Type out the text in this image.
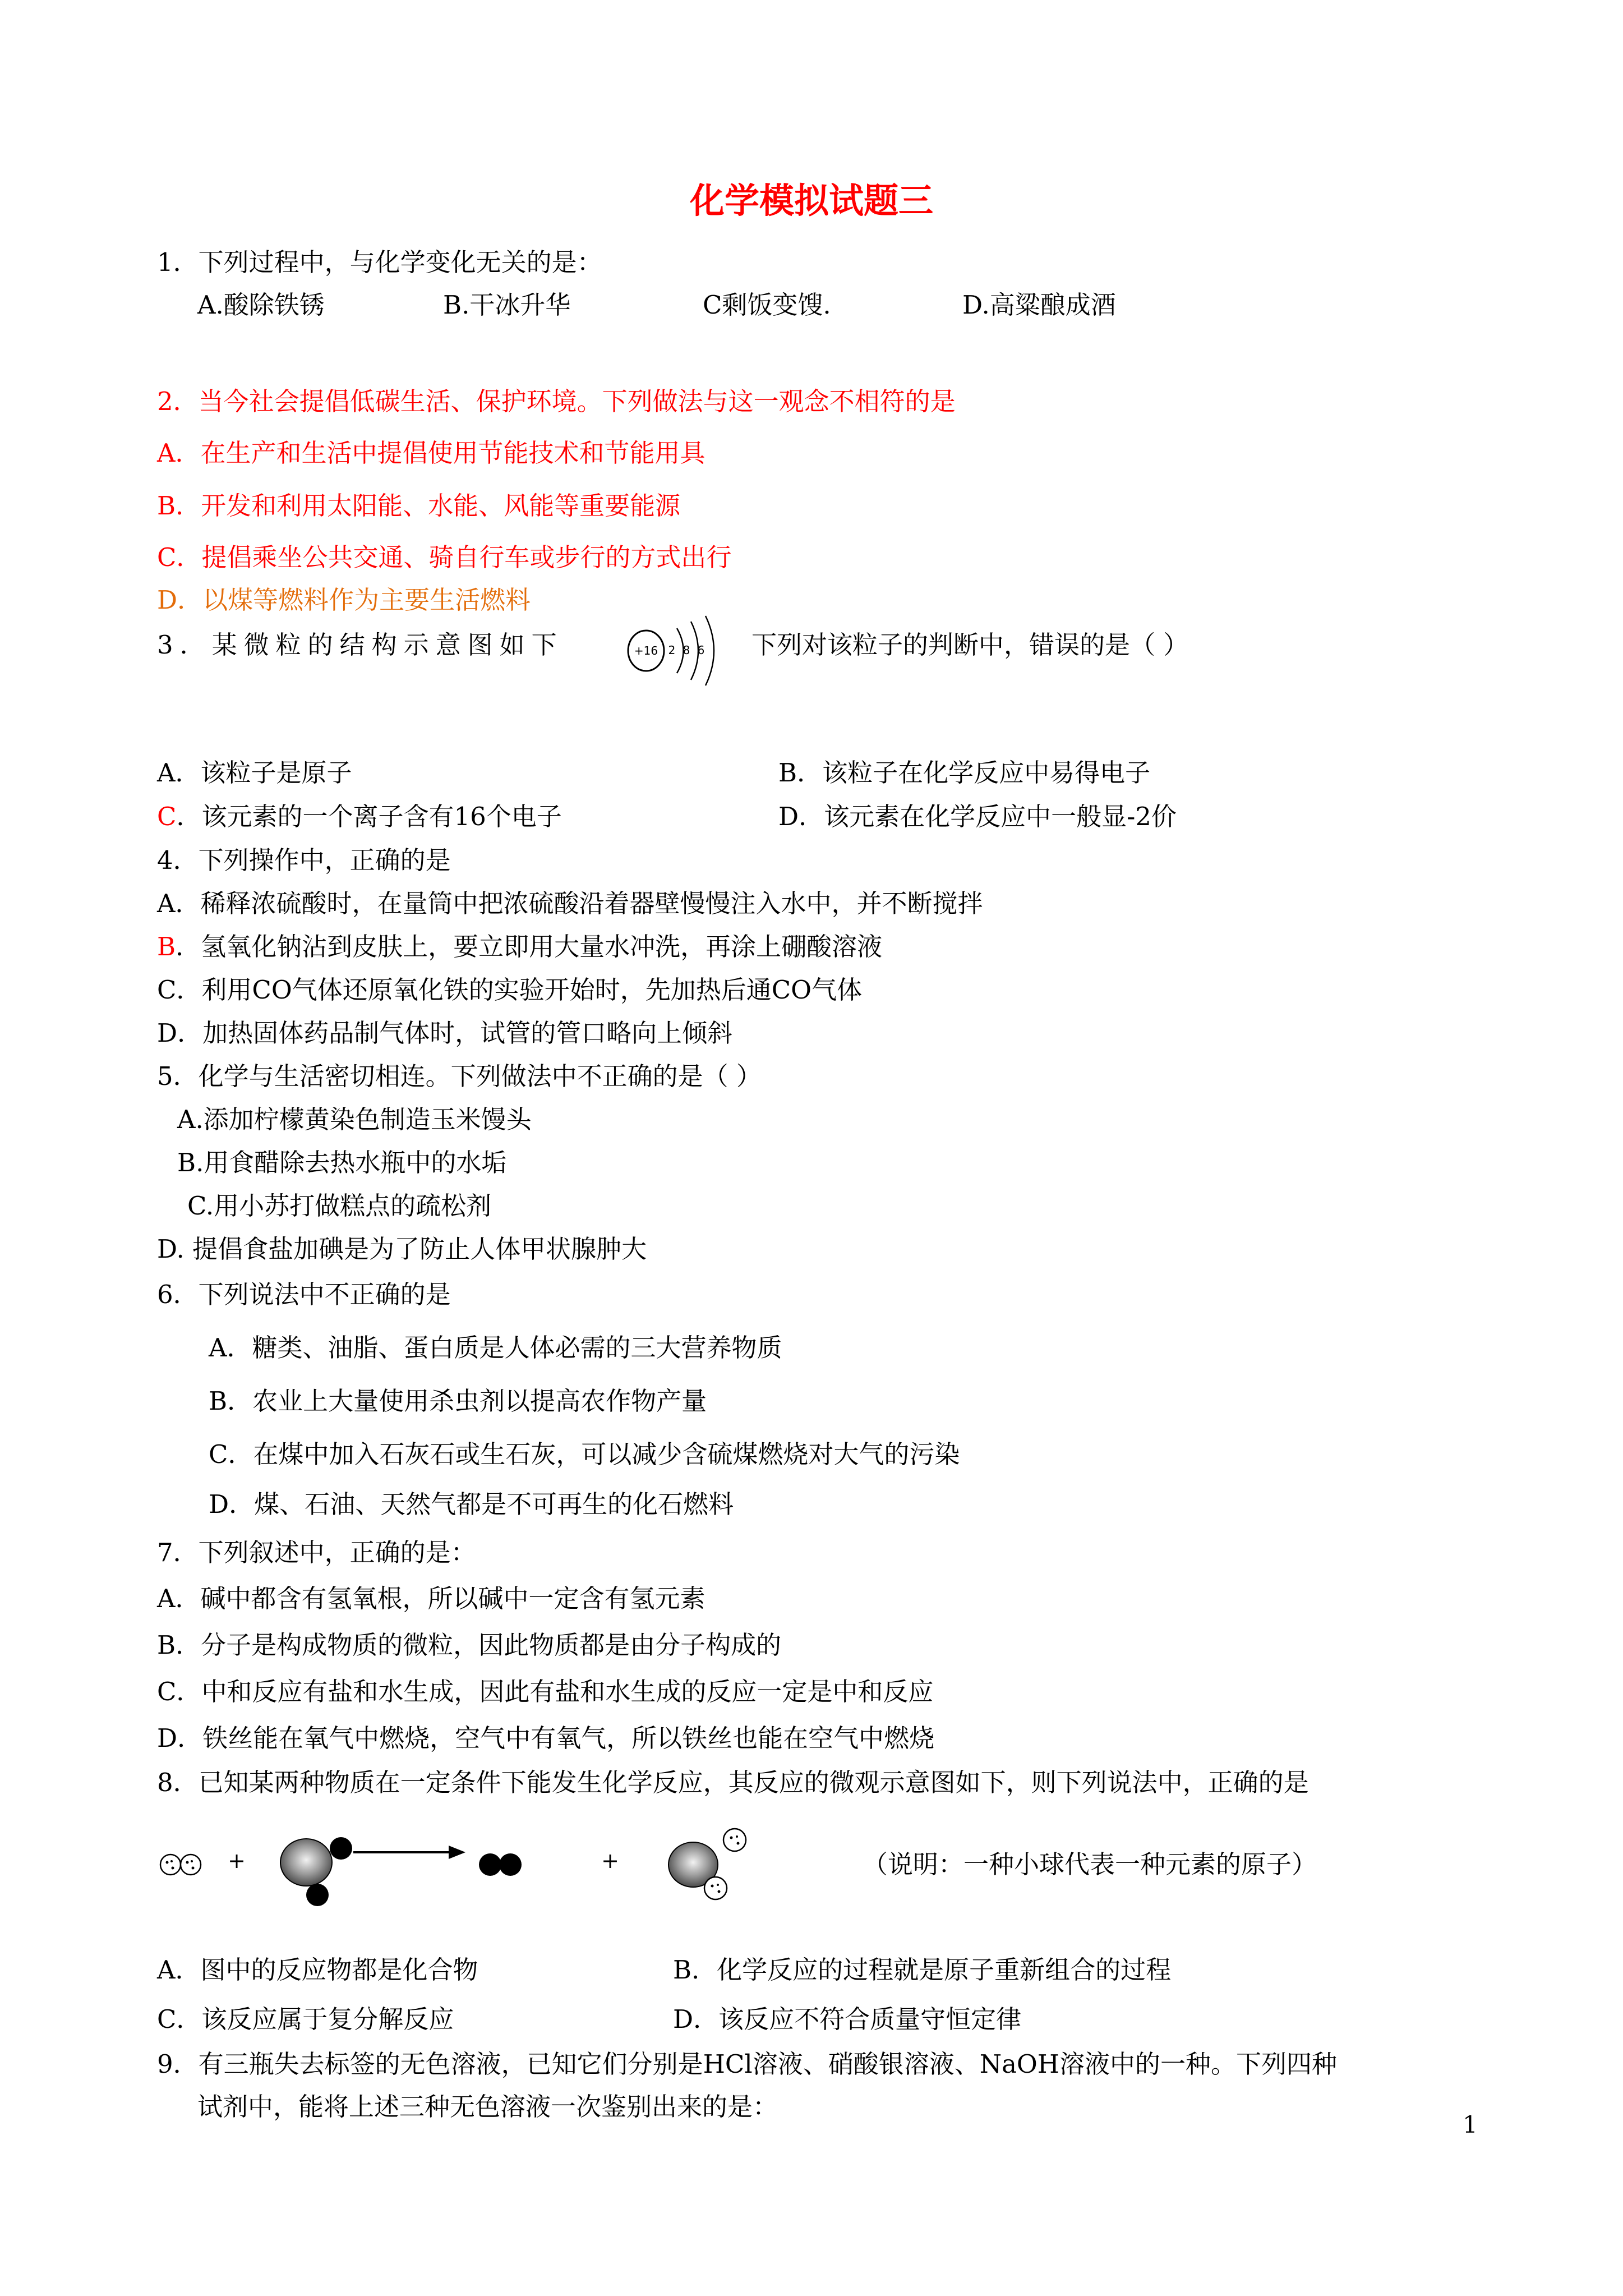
化学模拟试题三
1．下列过程中，与化学变化无关的是：
A.酸除铁锈	B.干冰升华	C剩饭变馊.	D.高粱酿成酒
2．当今社会提倡低碳生活、保护环境。下列做法与这一观念不相符的是
A．在生产和生活中提倡使用节能技术和节能用具
B．开发和利用太阳能、水能、风能等重要能源
C．提倡乘坐公共交通、骑自行车或步行的方式出行
D．以煤等燃料作为主要生活燃料
3．某微粒的结构示意图如下	+16 2 8 6 下列对该粒子的判断中，错误的是（ ）
A．该粒子是原子	B．该粒子在化学反应中易得电子
C．该元素的一个离子含有16个电子	D．该元素在化学反应中一般显-2价
4．下列操作中，正确的是
A．稀释浓硫酸时，在量筒中把浓硫酸沿着器壁慢慢注入水中，并不断搅拌
B．氢氧化钠沾到皮肤上，要立即用大量水冲洗，再涂上硼酸溶液
C．利用CO气体还原氧化铁的实验开始时，先加热后通CO气体
D．加热固体药品制气体时，试管的管口略向上倾斜
5．化学与生活密切相连。下列做法中不正确的是（ ）
A.添加柠檬黄染色制造玉米馒头
B.用食醋除去热水瓶中的水垢
C.用小苏打做糕点的疏松剂
D. 提倡食盐加碘是为了防止人体甲状腺肿大
6．下列说法中不正确的是
A．糖类、油脂、蛋白质是人体必需的三大营养物质
B．农业上大量使用杀虫剂以提高农作物产量
C．在煤中加入石灰石或生石灰，可以减少含硫煤燃烧对大气的污染
D．煤、石油、天然气都是不可再生的化石燃料
7．下列叙述中，正确的是：
A．碱中都含有氢氧根，所以碱中一定含有氢元素
B．分子是构成物质的微粒，因此物质都是由分子构成的
C．中和反应有盐和水生成，因此有盐和水生成的反应一定是中和反应
D．铁丝能在氧气中燃烧，空气中有氧气，所以铁丝也能在空气中燃烧
8．已知某两种物质在一定条件下能发生化学反应，其反应的微观示意图如下，则下列说法中，正确的是
+	+	（说明：一种小球代表一种元素的原子）
A．图中的反应物都是化合物	B．化学反应的过程就是原子重新组合的过程
C．该反应属于复分解反应	D．该反应不符合质量守恒定律
9．有三瓶失去标签的无色溶液，已知它们分别是HCl溶液、硝酸银溶液、NaOH溶液中的一种。下列四种
试剂中，能将上述三种无色溶液一次鉴别出来的是：
1
